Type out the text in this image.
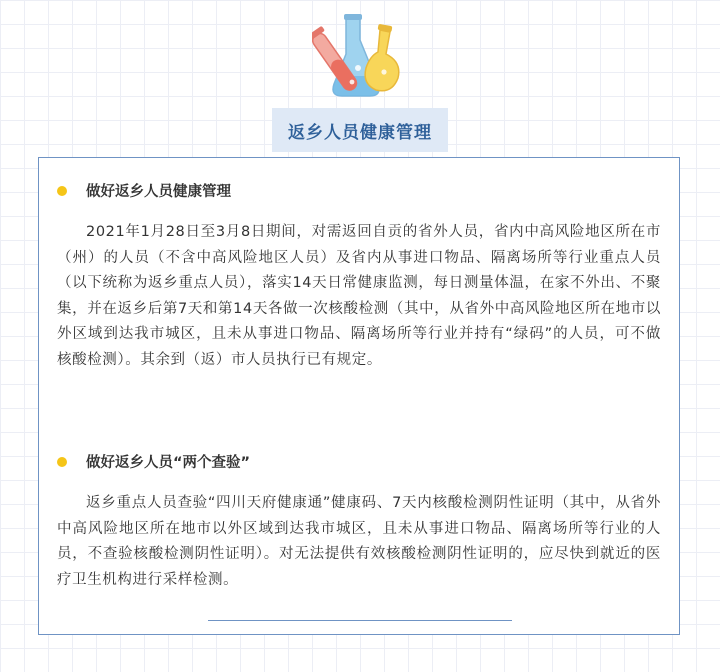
返乡人员健康管理
做好返乡人员健康管理

2021年1月28日至3月8日期间，对需返回自贡的省外人员，省内中高风险地区所在市（州）的人员（不含中高风险地区人员）及省内从事进口物品、隔离场所等行业重点人员（以下统称为返乡重点人员），落实14天日常健康监测，每日测量体温，在家不外出、不聚集，并在返乡后第7天和第14天各做一次核酸检测（其中，从省外中高风险地区所在地市以外区域到达我市城区，且未从事进口物品、隔离场所等行业并持有“绿码”的人员，可不做核酸检测）。其余到（返）市人员执行已有规定。

做好返乡人员“两个查验”

返乡重点人员查验“四川天府健康通”健康码、7天内核酸检测阴性证明（其中，从省外中高风险地区所在地市以外区域到达我市城区，且未从事进口物品、隔离场所等行业的人员，不查验核酸检测阴性证明）。对无法提供有效核酸检测阴性证明的，应尽快到就近的医疗卫生机构进行采样检测。
